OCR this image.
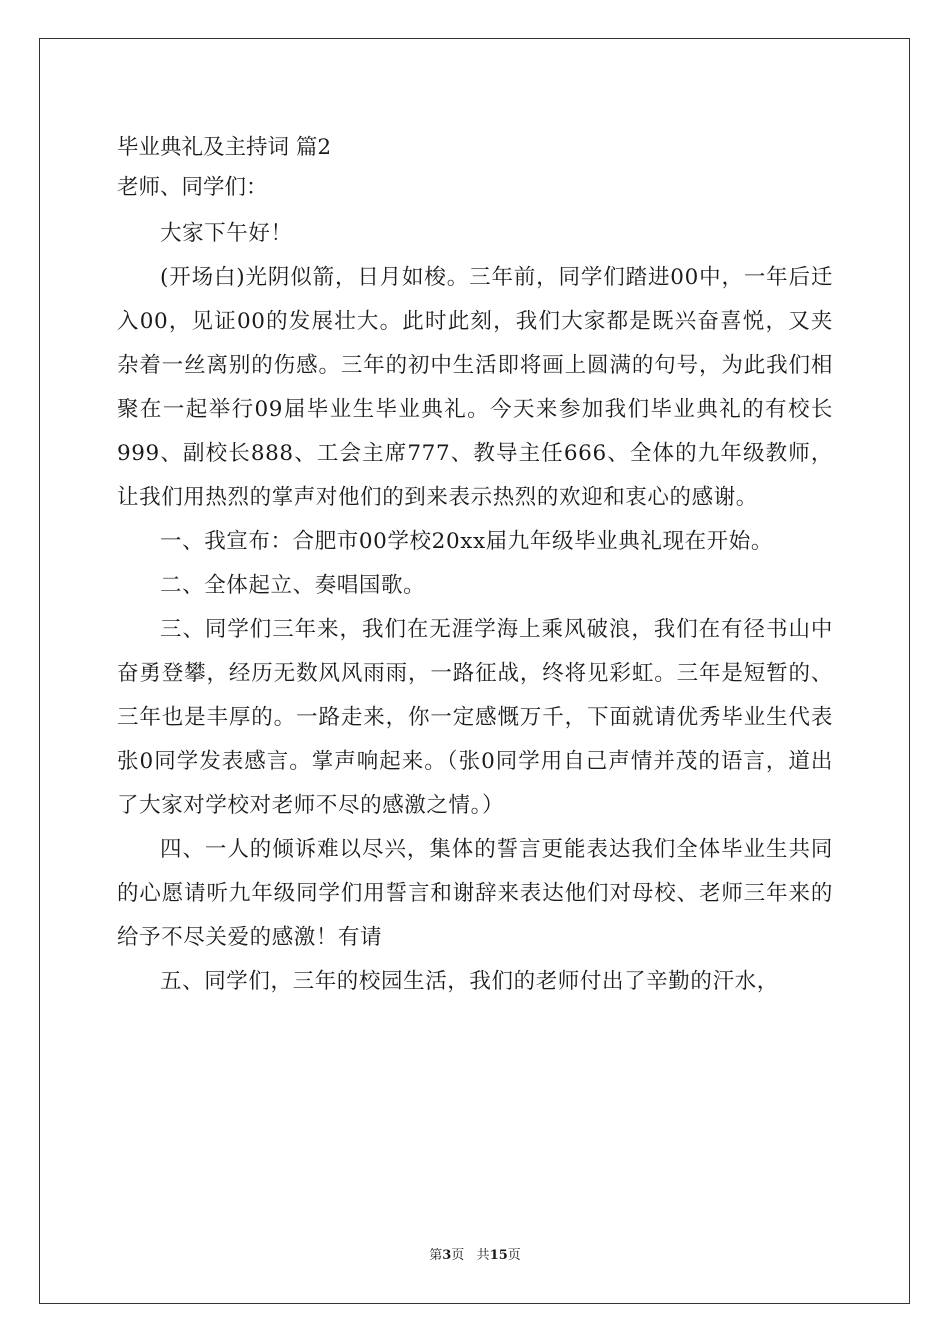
毕业典礼及主持词 篇2

老师、同学们：

大家下午好！

(开场白)光阴似箭，日月如梭。三年前，同学们踏进00中，一年后迁入00，见证00的发展壮大。此时此刻，我们大家都是既兴奋喜悦，又夹杂着一丝离别的伤感。三年的初中生活即将画上圆满的句号，为此我们相聚在一起举行09届毕业生毕业典礼。今天来参加我们毕业典礼的有校长999、副校长888、工会主席777、教导主任666、全体的九年级教师，让我们用热烈的掌声对他们的到来表示热烈的欢迎和衷心的感谢。

一、我宣布：合肥市00学校20xx届九年级毕业典礼现在开始。

二、全体起立、奏唱国歌。

三、同学们三年来，我们在无涯学海上乘风破浪，我们在有径书山中奋勇登攀，经历无数风风雨雨，一路征战，终将见彩虹。三年是短暂的、三年也是丰厚的。一路走来，你一定感慨万千，下面就请优秀毕业生代表张0同学发表感言。掌声响起来。（张0同学用自己声情并茂的语言，道出了大家对学校对老师不尽的感激之情。）

四、一人的倾诉难以尽兴，集体的誓言更能表达我们全体毕业生共同的心愿请听九年级同学们用誓言和谢辞来表达他们对母校、老师三年来的给予不尽关爱的感激！有请

五、同学们，三年的校园生活，我们的老师付出了辛勤的汗水，

第3页 共15页
